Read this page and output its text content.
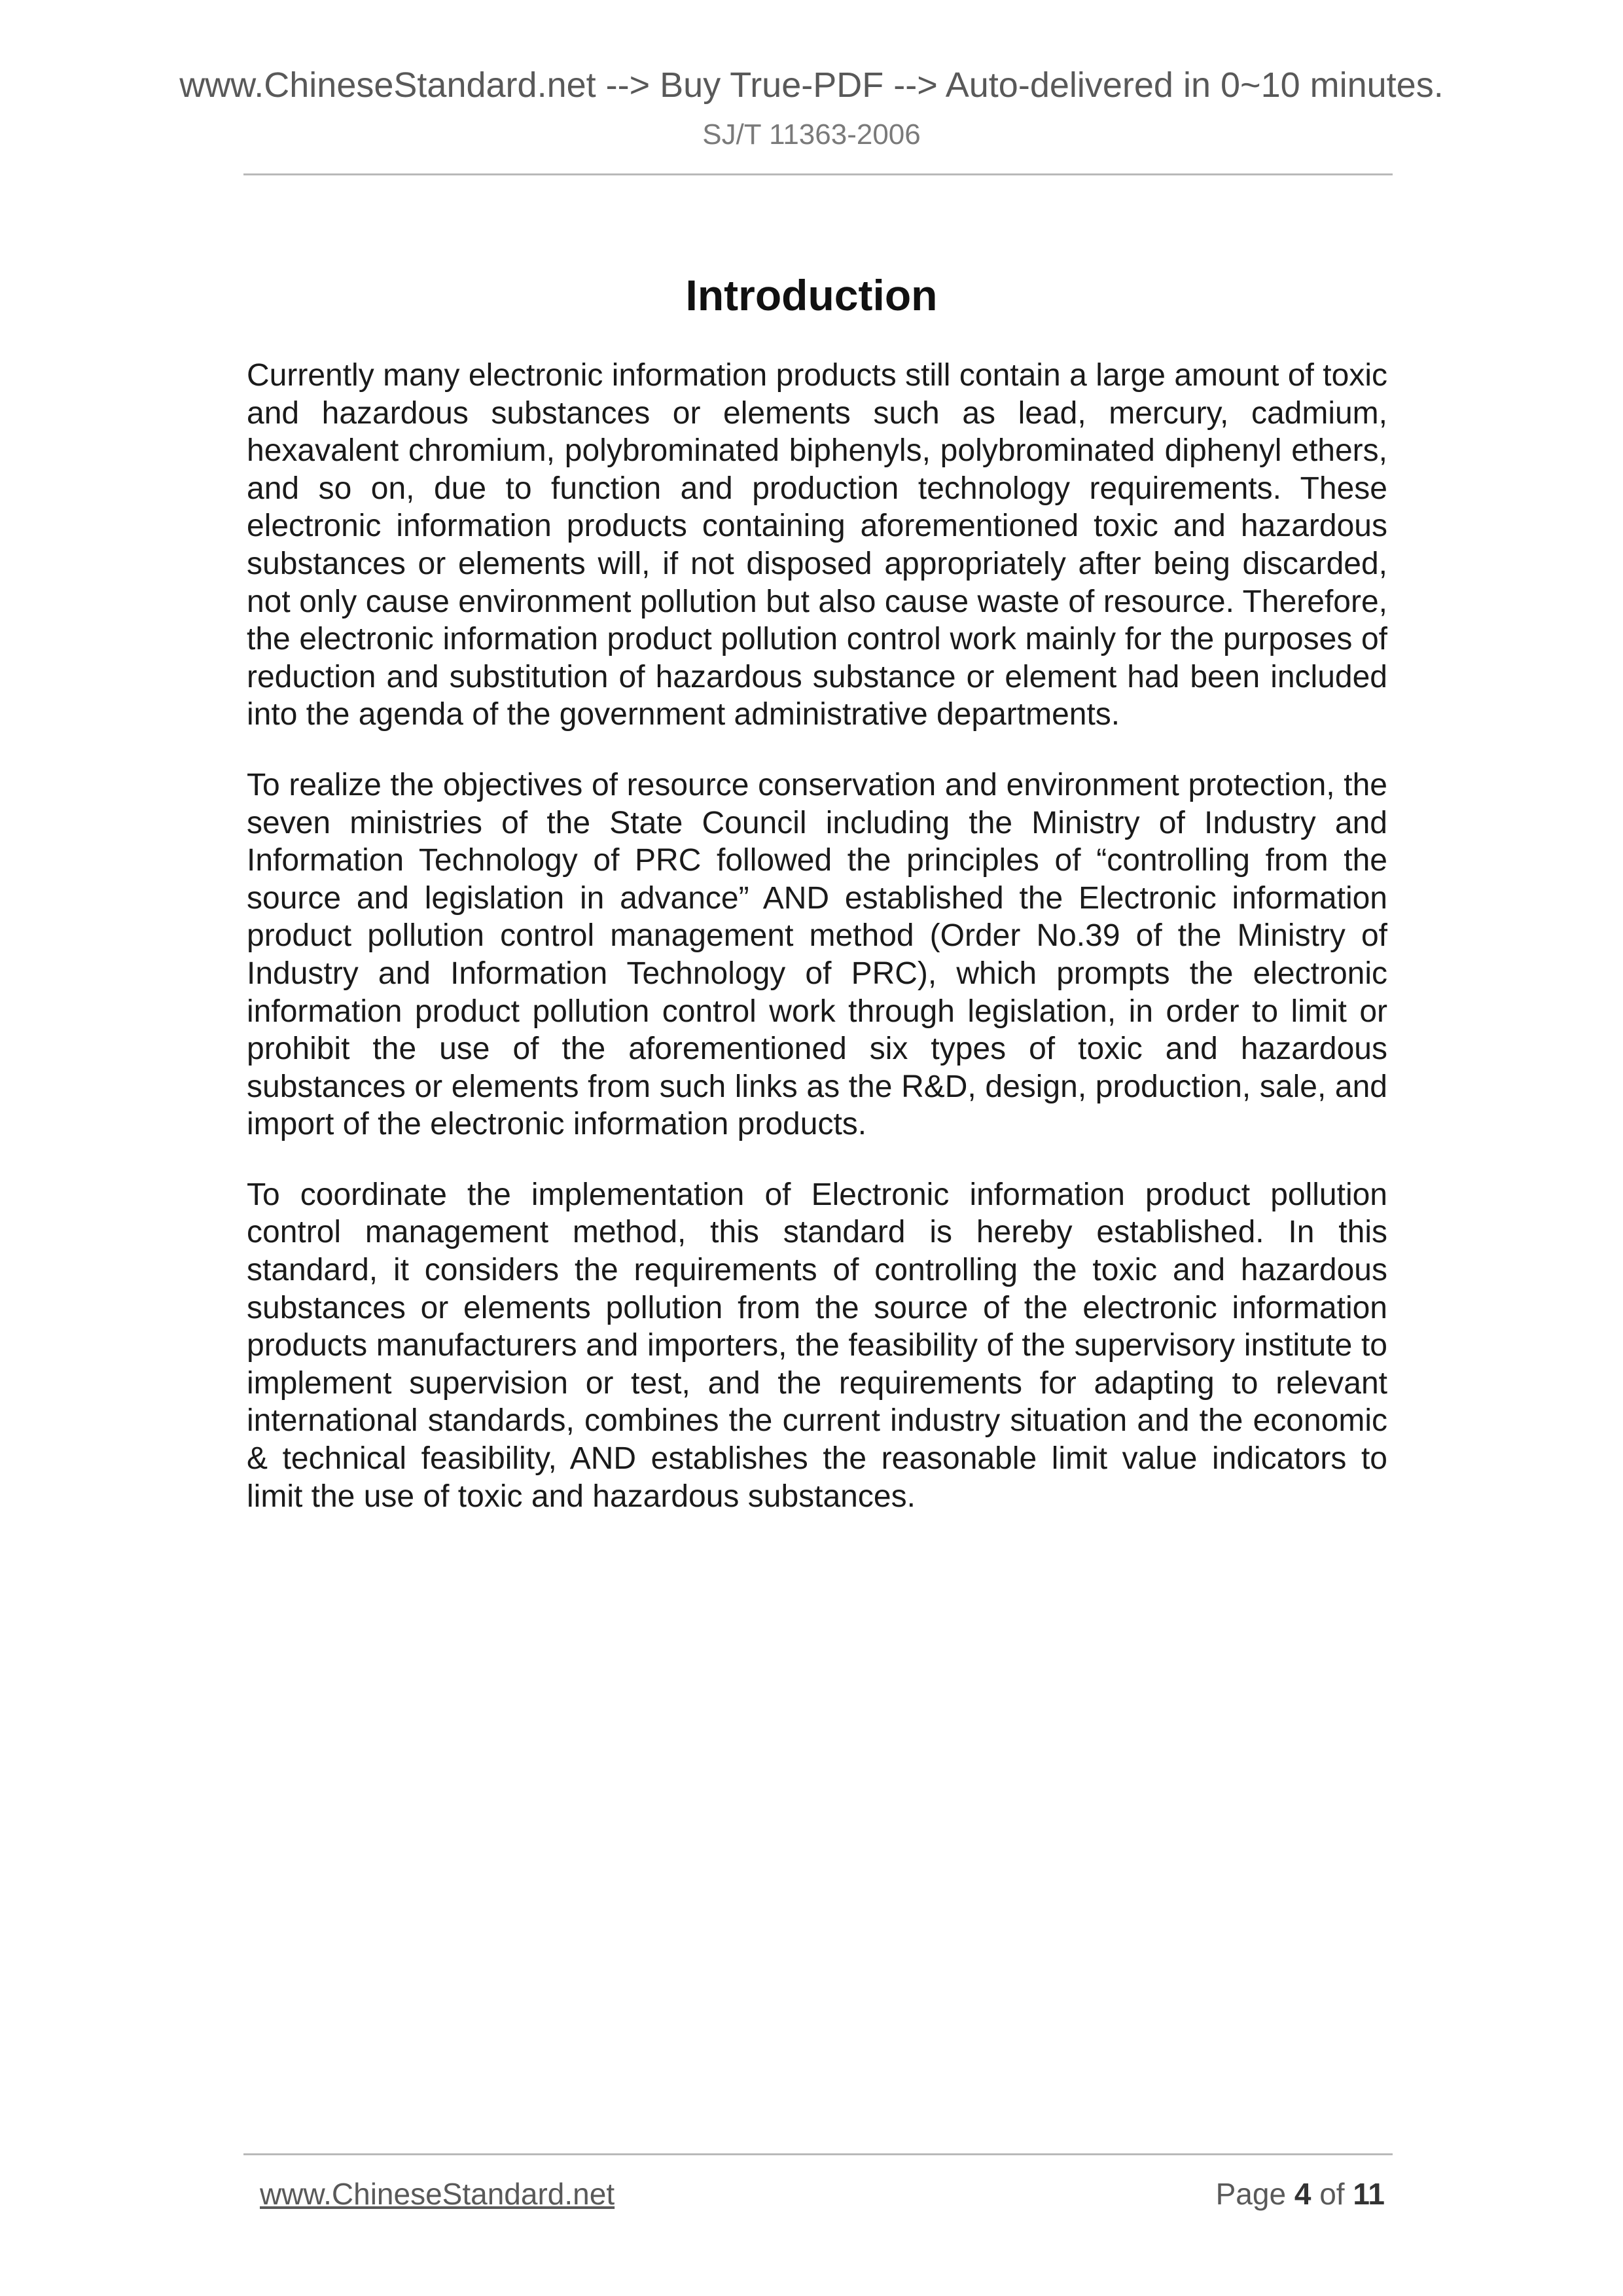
www.ChineseStandard.net --> Buy True-PDF --> Auto-delivered in 0~10 minutes.
SJ/T 11363-2006
Introduction

Currently many electronic information products still contain a large amount of toxic and hazardous substances or elements such as lead, mercury, cadmium, hexavalent chromium, polybrominated biphenyls, polybrominated diphenyl ethers, and so on, due to function and production technology requirements. These electronic information products containing aforementioned toxic and hazardous substances or elements will, if not disposed appropriately after being discarded, not only cause environment pollution but also cause waste of resource. Therefore, the electronic information product pollution control work mainly for the purposes of reduction and substitution of hazardous substance or element had been included into the agenda of the government administrative departments.

To realize the objectives of resource conservation and environment protection, the seven ministries of the State Council including the Ministry of Industry and Information Technology of PRC followed the principles of “controlling from the source and legislation in advance” AND established the Electronic information product pollution control management method (Order No.39 of the Ministry of Industry and Information Technology of PRC), which prompts the electronic information product pollution control work through legislation, in order to limit or prohibit the use of the aforementioned six types of toxic and hazardous substances or elements from such links as the R&D, design, production, sale, and import of the electronic information products.

To coordinate the implementation of Electronic information product pollution control management method, this standard is hereby established. In this standard, it considers the requirements of controlling the toxic and hazardous substances or elements pollution from the source of the electronic information products manufacturers and importers, the feasibility of the supervisory institute to implement supervision or test, and the requirements for adapting to relevant international standards, combines the current industry situation and the economic & technical feasibility, AND establishes the reasonable limit value indicators to limit the use of toxic and hazardous substances.

www.ChineseStandard.net	Page 4 of 11
